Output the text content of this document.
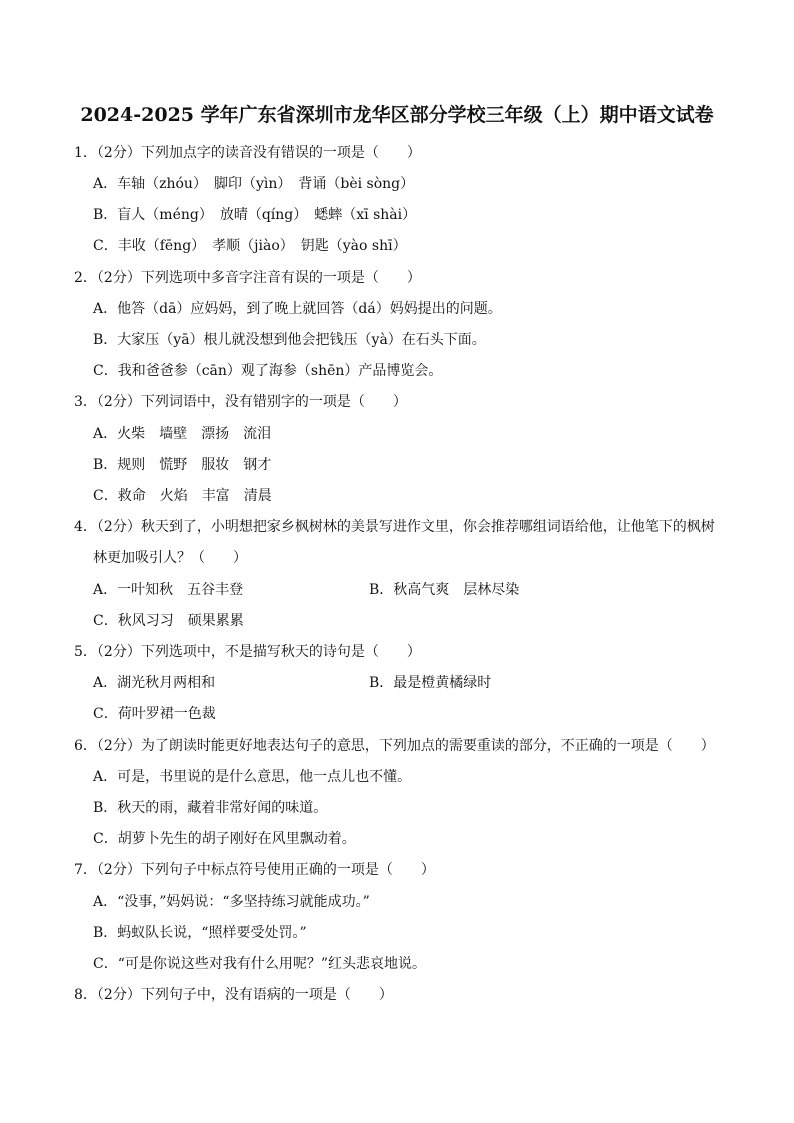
2024-2025 学年广东省深圳市龙华区部分学校三年级（上）期中语文试卷
1．（2分）下列加点字的读音没有错误的一项是（　　）
A．车轴（zhóu）　脚印（yìn）　背诵（bèi sòng）
B．盲人（méng）　放晴（qíng）　蟋蟀（xī shài）
C．丰收（fēng）　孝顺（jiào）　钥匙（yào shī）
2．（2分）下列选项中多音字注音有误的一项是（　　）
A．他答（dā）应妈妈，到了晚上就回答（dá）妈妈提出的问题。
B．大家压（yā）根儿就没想到他会把钱压（yà）在石头下面。
C．我和爸爸参（cān）观了海参（shēn）产品博览会。
3．（2分）下列词语中，没有错别字的一项是（　　）
A．火柴　墙壁　漂扬　流泪
B．规则　慌野　服妆　钢才
C．救命　火焰　丰富　清晨
4．（2分）秋天到了，小明想把家乡枫树林的美景写进作文里，你会推荐哪组词语给他，让他笔下的枫树
林更加吸引人？（　　）
A．一叶知秋　五谷丰登	B．秋高气爽　层林尽染
C．秋风习习　硕果累累
5．（2分）下列选项中，不是描写秋天的诗句是（　　）
A．湖光秋月两相和	B．最是橙黄橘绿时
C．荷叶罗裙一色裁
6．（2分）为了朗读时能更好地表达句子的意思，下列加点的需要重读的部分，不正确的一项是（　　）
A．可是，书里说的是什么意思，他一点儿也不懂。
B．秋天的雨，藏着非常好闻的味道。
C．胡萝卜先生的胡子刚好在风里飘动着。
7．（2分）下列句子中标点符号使用正确的一项是（　　）
A．“没事，”妈妈说：“多坚持练习就能成功。”
B．蚂蚁队长说，“照样要受处罚。”
C．“可是你说这些对我有什么用呢？”红头悲哀地说。
8．（2分）下列句子中，没有语病的一项是（　　）
